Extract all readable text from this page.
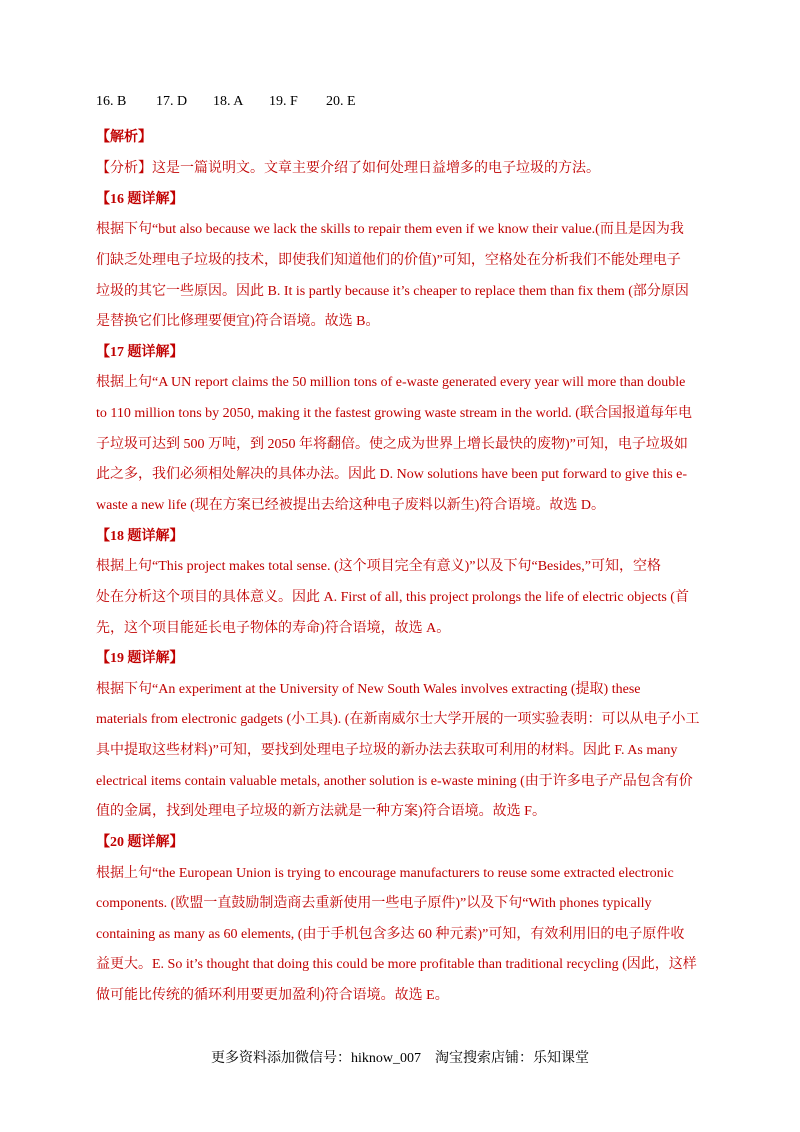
16. B	17. D	18. A	19. F	20. E
【解析】
【分析】这是一篇说明文。文章主要介绍了如何处理日益增多的电子垃圾的方法。
【16 题详解】
根据下句“but also because we lack the skills to repair them even if we know their value.(而且是因为我
们缺乏处理电子垃圾的技术，即使我们知道他们的价值)”可知，空格处在分析我们不能处理电子
垃圾的其它一些原因。因此 B. It is partly because it’s cheaper to replace them than fix them (部分原因
是替换它们比修理要便宜)符合语境。故选 B。
【17 题详解】
根据上句“A UN report claims the 50 million tons of e-waste generated every year will more than double
to 110 million tons by 2050, making it the fastest growing waste stream in the world. (联合国报道每年电
子垃圾可达到 500 万吨，到 2050 年将翻倍。使之成为世界上增长最快的废物)”可知，电子垃圾如
此之多，我们必须相处解决的具体办法。因此 D. Now solutions have been put forward to give this e-
waste a new life (现在方案已经被提出去给这种电子废料以新生)符合语境。故选 D。
【18 题详解】
根据上句“This project makes total sense. (这个项目完全有意义)”以及下句“Besides,”可知，空格
处在分析这个项目的具体意义。因此 A. First of all, this project prolongs the life of electric objects (首
先，这个项目能延长电子物体的寿命)符合语境，故选 A。
【19 题详解】
根据下句“An experiment at the University of New South Wales involves extracting (提取) these
materials from electronic gadgets (小工具). (在新南威尔士大学开展的一项实验表明：可以从电子小工
具中提取这些材料)”可知，要找到处理电子垃圾的新办法去获取可利用的材料。因此 F. As many
electrical items contain valuable metals, another solution is e-waste mining (由于许多电子产品包含有价
值的金属，找到处理电子垃圾的新方法就是一种方案)符合语境。故选 F。
【20 题详解】
根据上句“the European Union is trying to encourage manufacturers to reuse some extracted electronic
components. (欧盟一直鼓励制造商去重新使用一些电子原件)”以及下句“With phones typically
containing as many as 60 elements, (由于手机包含多达 60 种元素)”可知，有效利用旧的电子原件收
益更大。E. So it’s thought that doing this could be more profitable than traditional recycling (因此，这样
做可能比传统的循环利用要更加盈利)符合语境。故选 E。
更多资料添加微信号：hiknow_007　淘宝搜索店铺：乐知课堂
